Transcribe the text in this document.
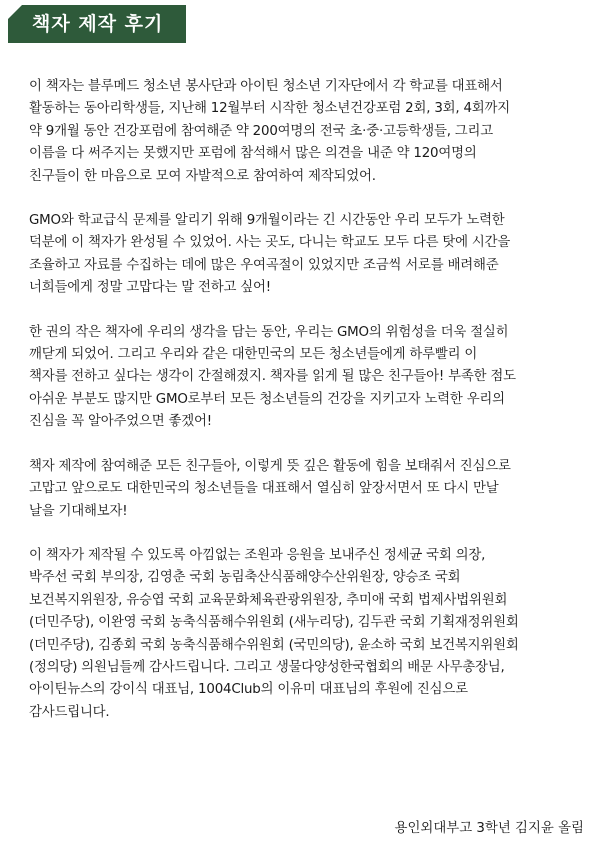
책자 제작 후기

이 책자는 블루메드 청소년 봉사단과 아이틴 청소년 기자단에서 각 학교를 대표해서
활동하는 동아리학생들, 지난해 12월부터 시작한 청소년건강포럼 2회, 3회, 4회까지
약 9개월 동안 건강포럼에 참여해준 약 200여명의 전국 초·중·고등학생들, 그리고
이름을 다 써주지는 못했지만 포럼에 참석해서 많은 의견을 내준 약 120여명의
친구들이 한 마음으로 모여 자발적으로 참여하여 제작되었어.

GMO와 학교급식 문제를 알리기 위해 9개월이라는 긴 시간동안 우리 모두가 노력한
덕분에 이 책자가 완성될 수 있었어. 사는 곳도, 다니는 학교도 모두 다른 탓에 시간을
조율하고 자료를 수집하는 데에 많은 우여곡절이 있었지만 조금씩 서로를 배려해준
너희들에게 정말 고맙다는 말 전하고 싶어!

한 권의 작은 책자에 우리의 생각을 담는 동안, 우리는 GMO의 위험성을 더욱 절실히
깨닫게 되었어. 그리고 우리와 같은 대한민국의 모든 청소년들에게 하루빨리 이
책자를 전하고 싶다는 생각이 간절해졌지. 책자를 읽게 될 많은 친구들아! 부족한 점도
아쉬운 부분도 많지만 GMO로부터 모든 청소년들의 건강을 지키고자 노력한 우리의
진심을 꼭 알아주었으면 좋겠어!

책자 제작에 참여해준 모든 친구들아, 이렇게 뜻 깊은 활동에 힘을 보태줘서 진심으로
고맙고 앞으로도 대한민국의 청소년들을 대표해서 열심히 앞장서면서 또 다시 만날
날을 기대해보자!

이 책자가 제작될 수 있도록 아낌없는 조원과 응원을 보내주신 정세균 국회 의장,
박주선 국회 부의장, 김영춘 국회 농림축산식품해양수산위원장, 양승조 국회
보건복지위원장, 유승엽 국회 교육문화체육관광위원장, 추미애 국회 법제사법위원회
(더민주당), 이완영 국회 농축식품해수위원회 (새누리당), 김두관 국회 기획재정위원회
(더민주당), 김종회 국회 농축식품해수위원회 (국민의당), 윤소하 국회 보건복지위원회
(정의당) 의원님들께 감사드립니다. 그리고 생물다양성한국협회의 배문 사무총장님,
아이틴뉴스의 강이식 대표님, 1004Club의 이유미 대표님의 후원에 진심으로
감사드립니다.

용인외대부고 3학년 김지윤 올림
